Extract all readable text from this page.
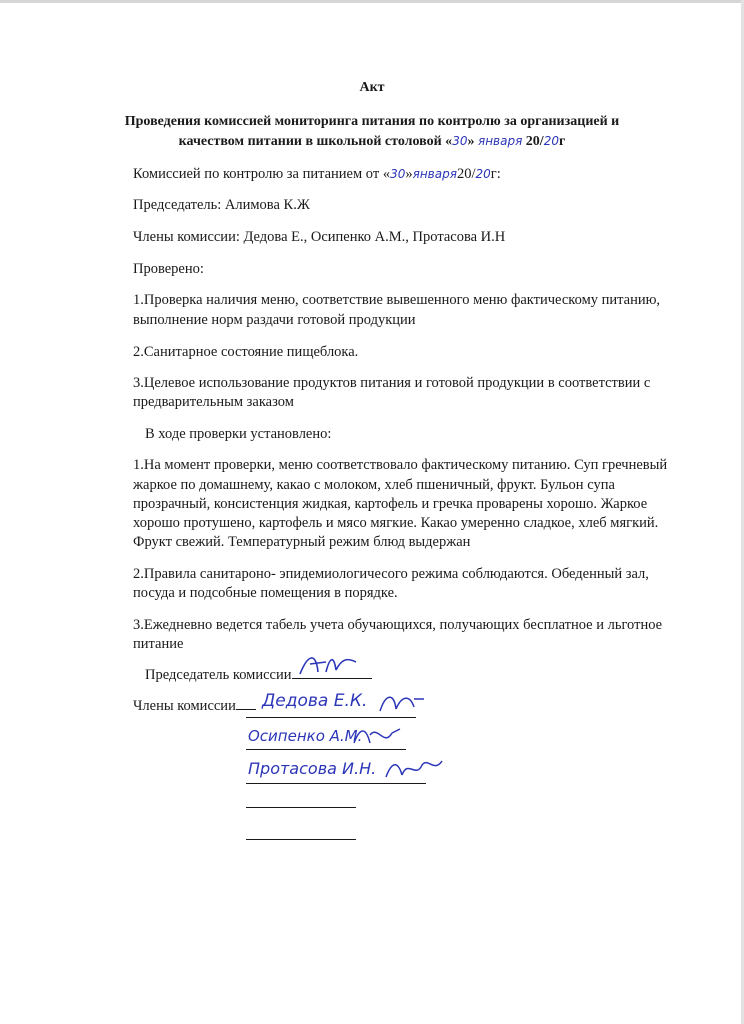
Акт
Проведения комиссией мониторинга питания по контролю за организацией и
качеством питании в школьной столовой «30» января 20/20г
Комиссией по контролю за питанием от «30»января20/20г:
Председатель: Алимова К.Ж
Члены комиссии: Дедова Е., Осипенко А.М., Протасова И.Н
Проверено:
1.Проверка наличия меню, соответствие вывешенного меню фактическому питанию,
выполнение норм раздачи готовой продукции
2.Санитарное состояние пищеблока.
3.Целевое использование продуктов питания и готовой продукции в соответствии с
предварительным заказом
В ходе проверки установлено:
1.На момент проверки, меню соответствовало фактическому питанию. Суп гречневый
жаркое по домашнему, какао с молоком, хлеб пшеничный, фрукт. Бульон супа
прозрачный, консистенция жидкая, картофель и гречка проварены хорошо. Жаркое
хорошо протушено, картофель и мясо мягкие. Какао умеренно сладкое, хлеб мягкий.
Фрукт свежий. Температурный режим блюд выдержан
2.Правила санитароно- эпидемиологичесого режима соблюдаются. Обеденный зал,
посуда и подсобные помещения в порядке.
3.Ежедневно ведется табель учета обучающихся, получающих бесплатное и льготное
питание
Председатель комиссии
Члены комиссии	Дедова Е.К.
Осипенко А.М.
Протасова И.Н.
